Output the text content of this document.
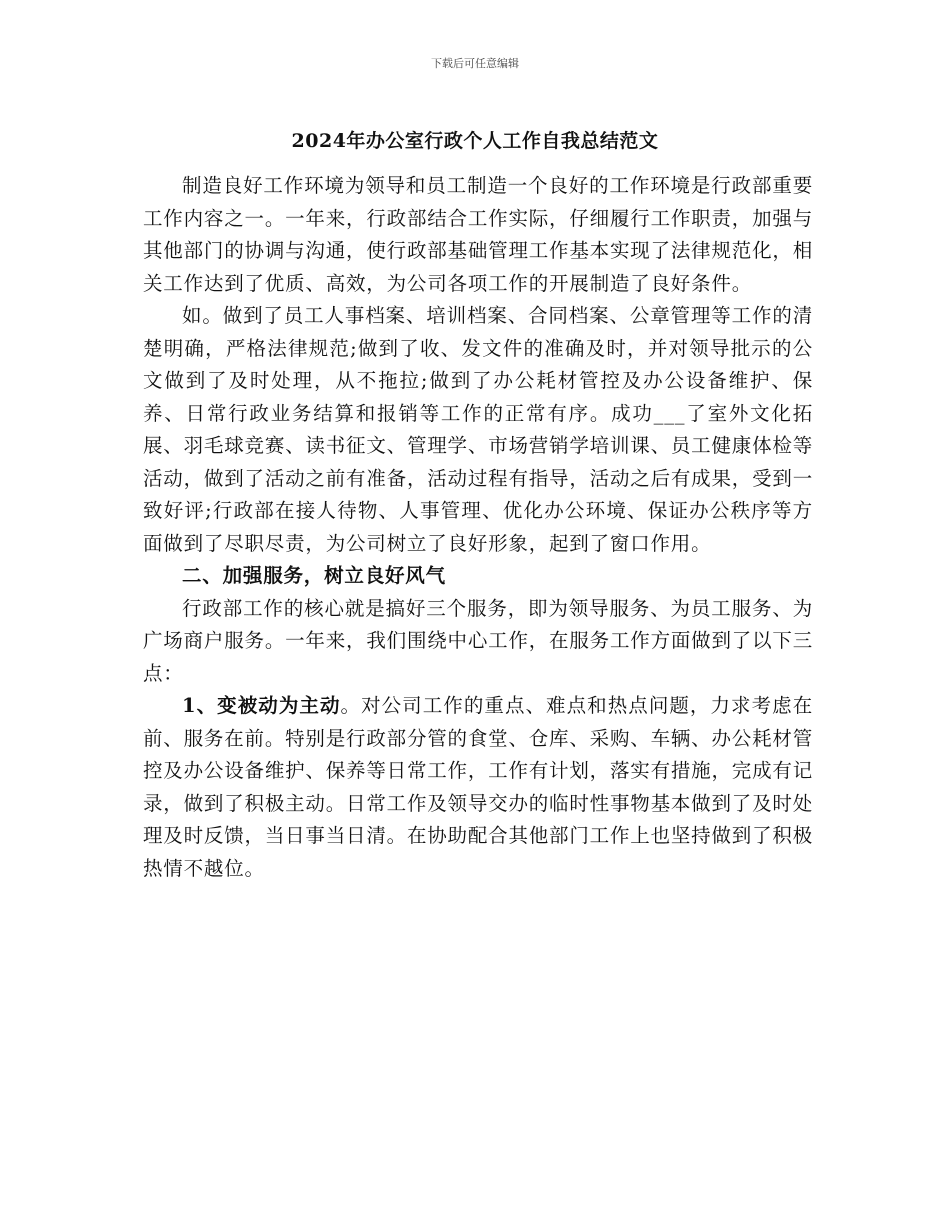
下载后可任意编辑
2024年办公室行政个人工作自我总结范文

制造良好工作环境为领导和员工制造一个良好的工作环境是行政部重要工作内容之一。一年来，行政部结合工作实际，仔细履行工作职责，加强与其他部门的协调与沟通，使行政部基础管理工作基本实现了法律规范化，相关工作达到了优质、高效，为公司各项工作的开展制造了良好条件。

如。做到了员工人事档案、培训档案、合同档案、公章管理等工作的清楚明确，严格法律规范;做到了收、发文件的准确及时，并对领导批示的公文做到了及时处理，从不拖拉;做到了办公耗材管控及办公设备维护、保养、日常行政业务结算和报销等工作的正常有序。成功___了室外文化拓展、羽毛球竞赛、读书征文、管理学、市场营销学培训课、员工健康体检等活动，做到了活动之前有准备，活动过程有指导，活动之后有成果，受到一致好评;行政部在接人待物、人事管理、优化办公环境、保证办公秩序等方面做到了尽职尽责，为公司树立了良好形象，起到了窗口作用。

二、加强服务，树立良好风气

行政部工作的核心就是搞好三个服务，即为领导服务、为员工服务、为广场商户服务。一年来，我们围绕中心工作，在服务工作方面做到了以下三点：

1、变被动为主动。对公司工作的重点、难点和热点问题，力求考虑在前、服务在前。特别是行政部分管的食堂、仓库、采购、车辆、办公耗材管控及办公设备维护、保养等日常工作，工作有计划，落实有措施，完成有记录，做到了积极主动。日常工作及领导交办的临时性事物基本做到了及时处理及时反馈，当日事当日清。在协助配合其他部门工作上也坚持做到了积极热情不越位。
